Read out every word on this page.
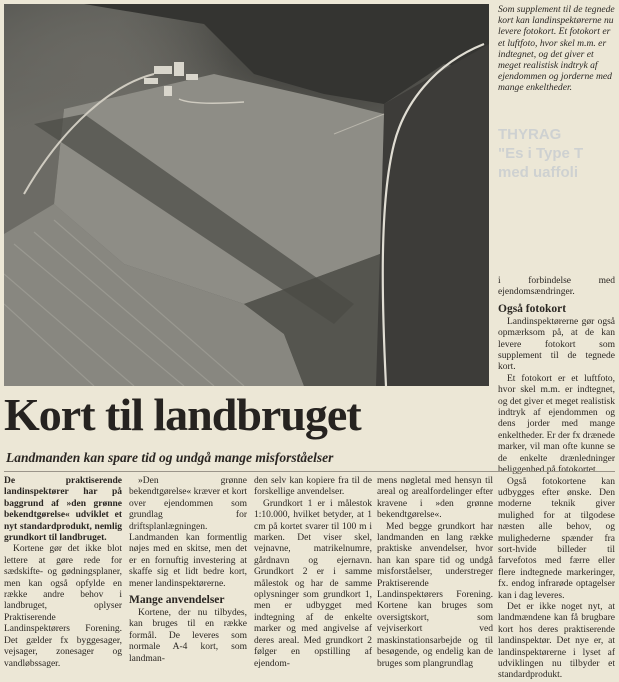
Som supplement til de tegnede kort kan landinspektørerne nu levere fotokort. Et fotokort er et luftfoto, hvor skel m.m. er indtegnet, og det giver et meget realistisk indtryk af ejendommen og jorderne med mange enkeltheder.
THYRAG
"Es i Type T
med uaffoli

i forbindelse med ejendomsændringer.

Også fotokort

Landinspektørerne gør også opmærksom på, at de kan levere fotokort som supplement til de tegnede kort.

Et fotokort er et luftfoto, hvor skel m.m. er indtegnet, og det giver et meget realistisk indtryk af ejendommen og dens jorder med mange enkeltheder. Er der fx drænede marker, vil man ofte kunne se de enkelte drænledninger

Også fotokortene kan udbygges efter ønske. Den moderne teknik giver mulighed for at tilgodese næsten alle behov, og mulighederne spænder fra sort-hvide billeder til farvefotos med færre eller flere indtegnede markeringer, fx. endog infrarøde optagelser kan i dag leveres.

Det er ikke noget nyt, at landmændene kan få brugbare kort hos deres praktiserende landinspektør. Det nye er, at landinspektørerne i lyset af udviklingen nu tilbyder et standardprodukt.

Kort til landbruget
Landmanden kan spare tid og undgå mange misforståelser

De praktiserende landinspektører har på baggrund af »den grønne bekendtgørelse« udviklet et nyt standardprodukt, nemlig grundkort til landbruget.

Kortene gør det ikke blot lettere at gøre rede for sædskifte- og gødningsplaner, men kan også opfylde en række andre behov i landbruget, oplyser Praktiserende Landinspektørers Forening. Det gælder fx byggesager, vejsager, zonesager og vandløbssager.

»Den grønne bekendtgørelse« kræver et kort over ejendommen som grundlag for driftsplanlægningen. Landmanden kan formentlig nøjes med en skitse, men det er en fornuftig investering at skaffe sig et lidt bedre kort, mener landinspektørerne.

Mange anvendelser

Kortene, der nu tilbydes, kan bruges til en række formål. De leveres som normale A-4 kort, som landman-

den selv kan kopiere fra til de forskellige anvendelser.

Grundkort 1 er i målestok 1:10.000, hvilket betyder, at 1 cm på kortet svarer til 100 m i marken. Det viser skel, vejnavne, matrikelnumre, gårdnavn og ejernavn. Grundkort 2 er i samme målestok og har de samme oplysninger som grundkort 1, men er udbygget med indtegning af de enkelte marker og med angivelse af deres areal. Med grundkort 2 følger en opstilling af ejendom-

mens nøgletal med hensyn til areal og arealfordelinger efter kravene i »den grønne bekendtgørelse«.

Med begge grundkort har landmanden en lang række praktiske anvendelser, hvor han kan spare tid og undgå misforståelser, understreger Praktiserende Landinspektørers Forening. Kortene kan bruges som oversigtskort, som vejviserkort ved maskinstationsarbejde og til besøgende, og endelig kan de bruges som plangrundlag
